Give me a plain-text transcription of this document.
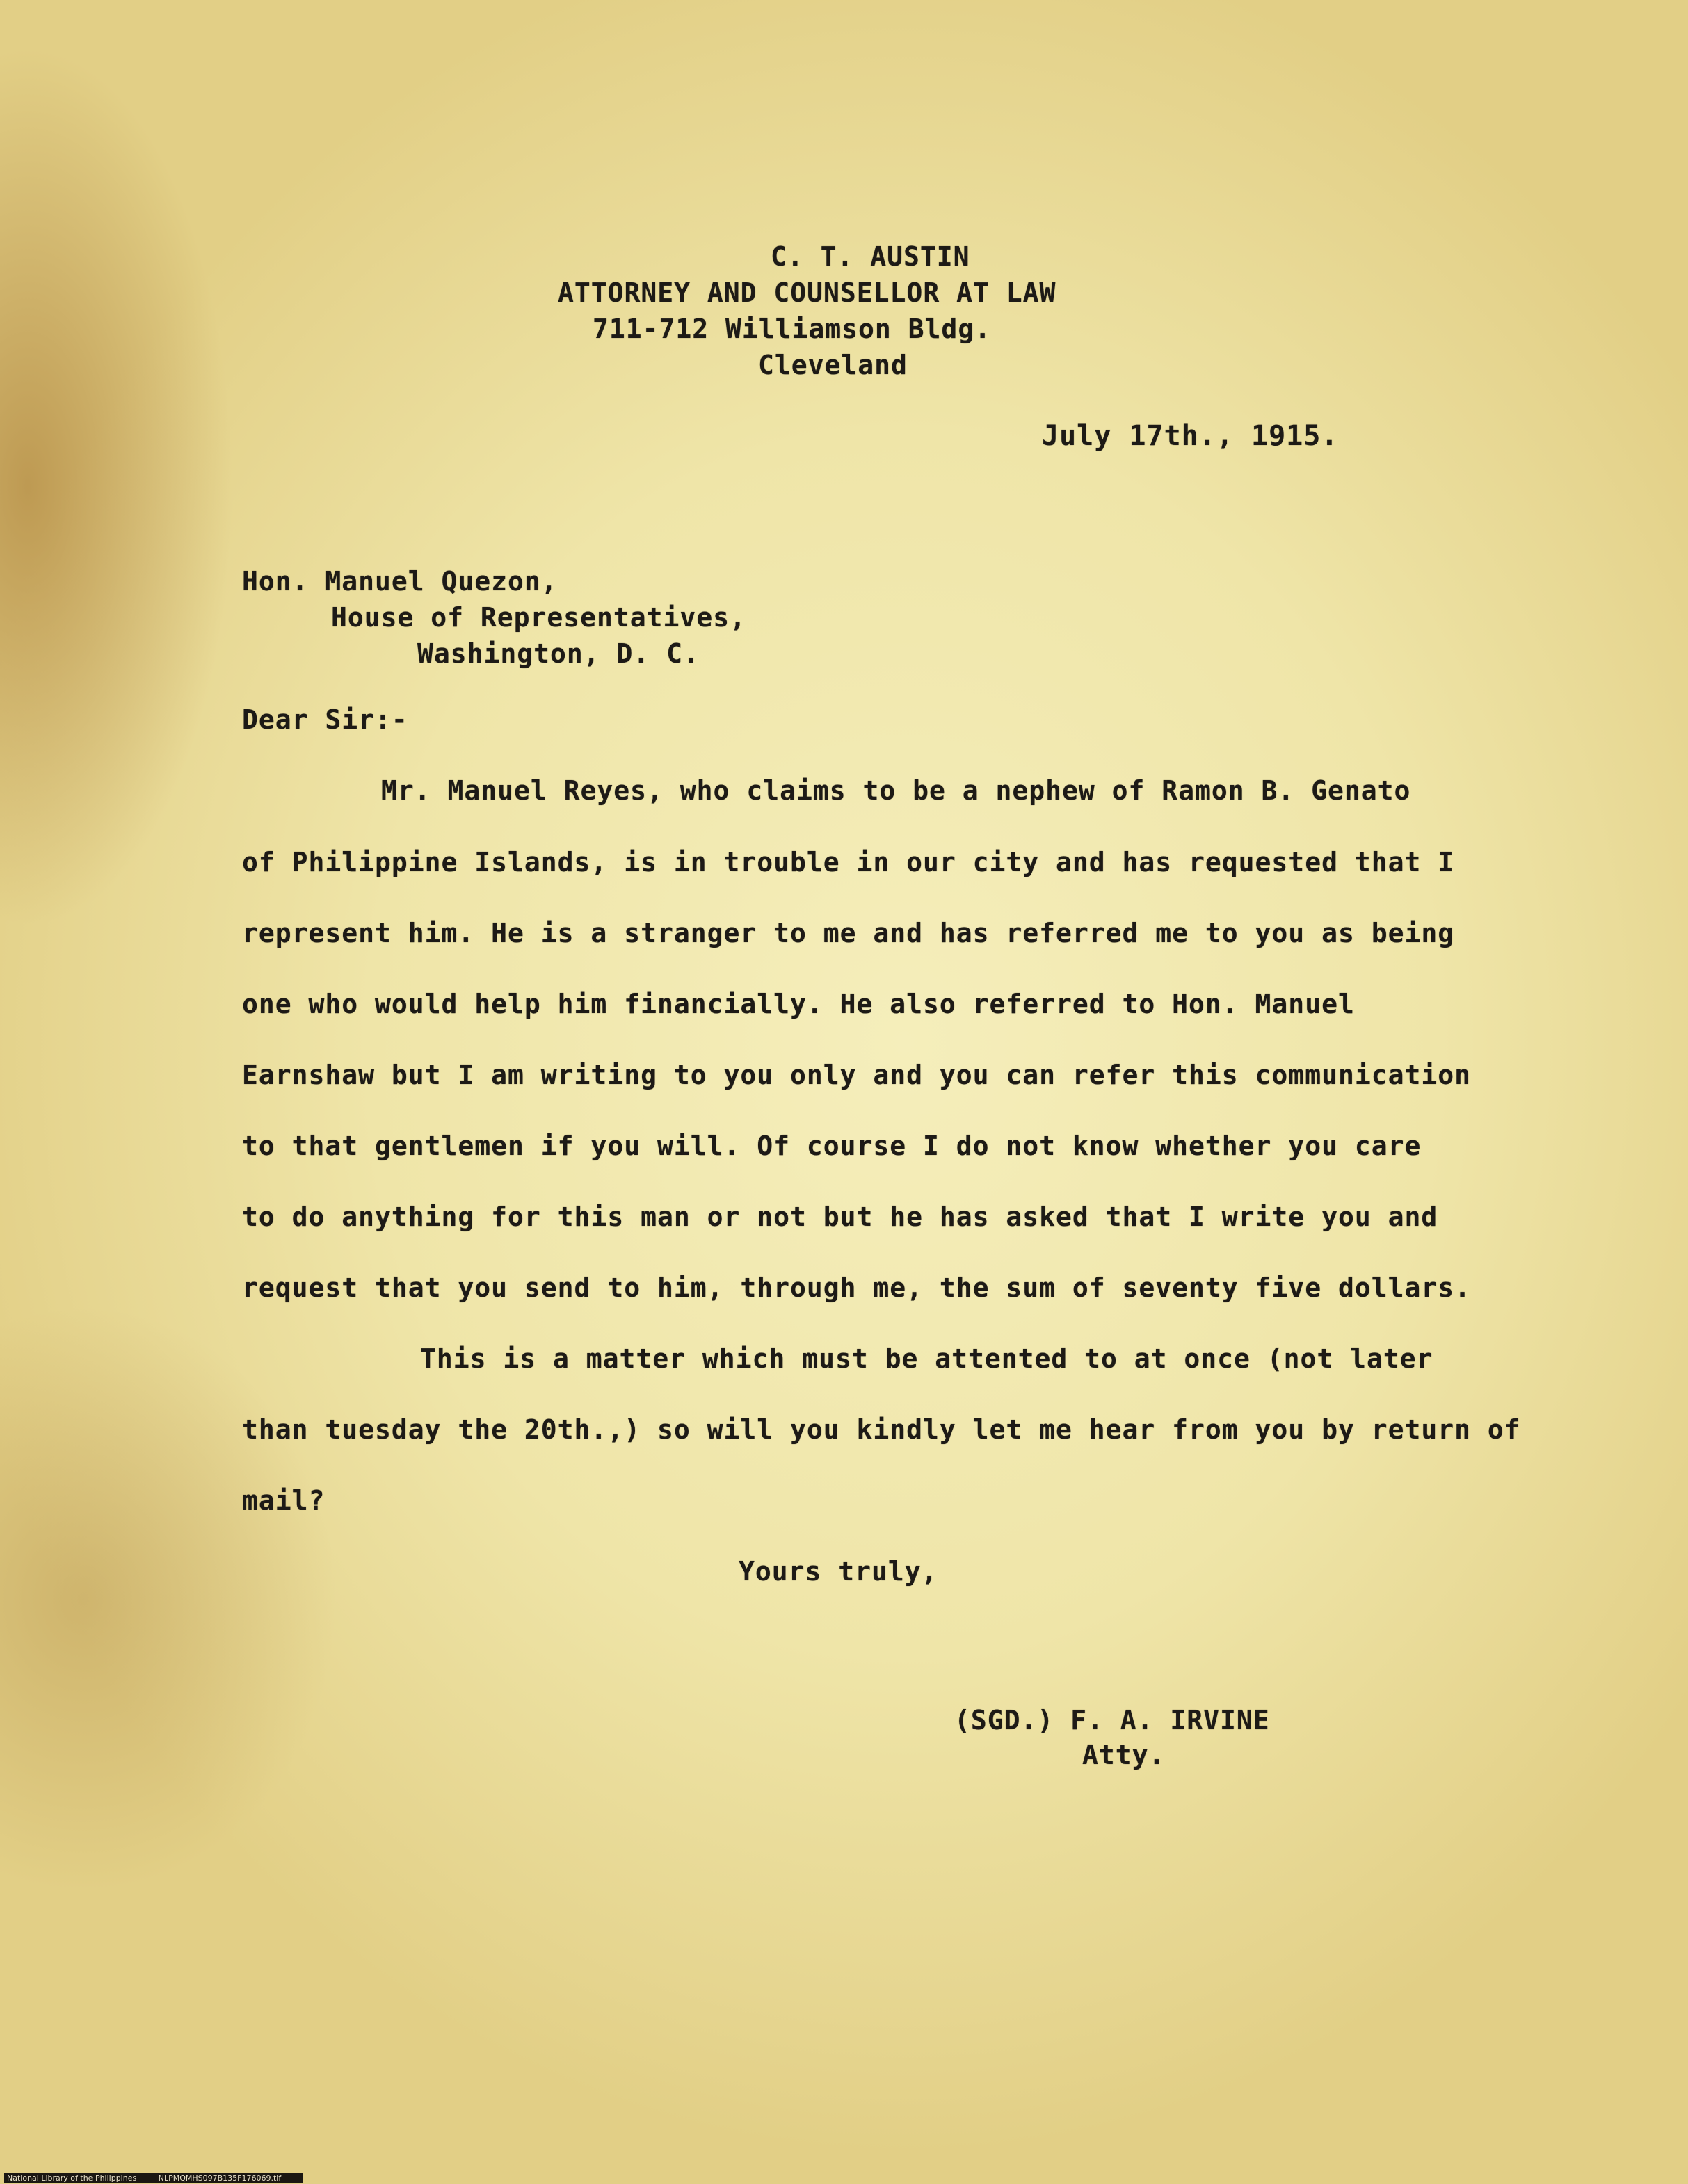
C. T. AUSTIN
ATTORNEY AND COUNSELLOR AT LAW
711-712 Williamson Bldg.
Cleveland
July 17th., 1915.
Hon. Manuel Quezon,
House of Representatives,
Washington, D. C.
Dear Sir:-
Mr. Manuel Reyes, who claims to be a nephew of Ramon B. Genato
of Philippine Islands, is in trouble in our city and has requested that I
represent him. He is a stranger to me and has referred me to you as being
one who would help him financially. He also referred to Hon. Manuel
Earnshaw but I am writing to you only and you can refer this communication
to that gentlemen if you will. Of course I do not know whether you care
to do anything for this man or not but he has asked that I write you and
request that you send to him, through me, the sum of seventy five dollars.
This is a matter which must be attented to at once (not later
than tuesday the 20th.,) so will you kindly let me hear from you by return of
mail?
Yours truly,
(SGD.) F. A. IRVINE
Atty.
National Library of the Philippines	NLPMQMHS097B135F176069.tif
